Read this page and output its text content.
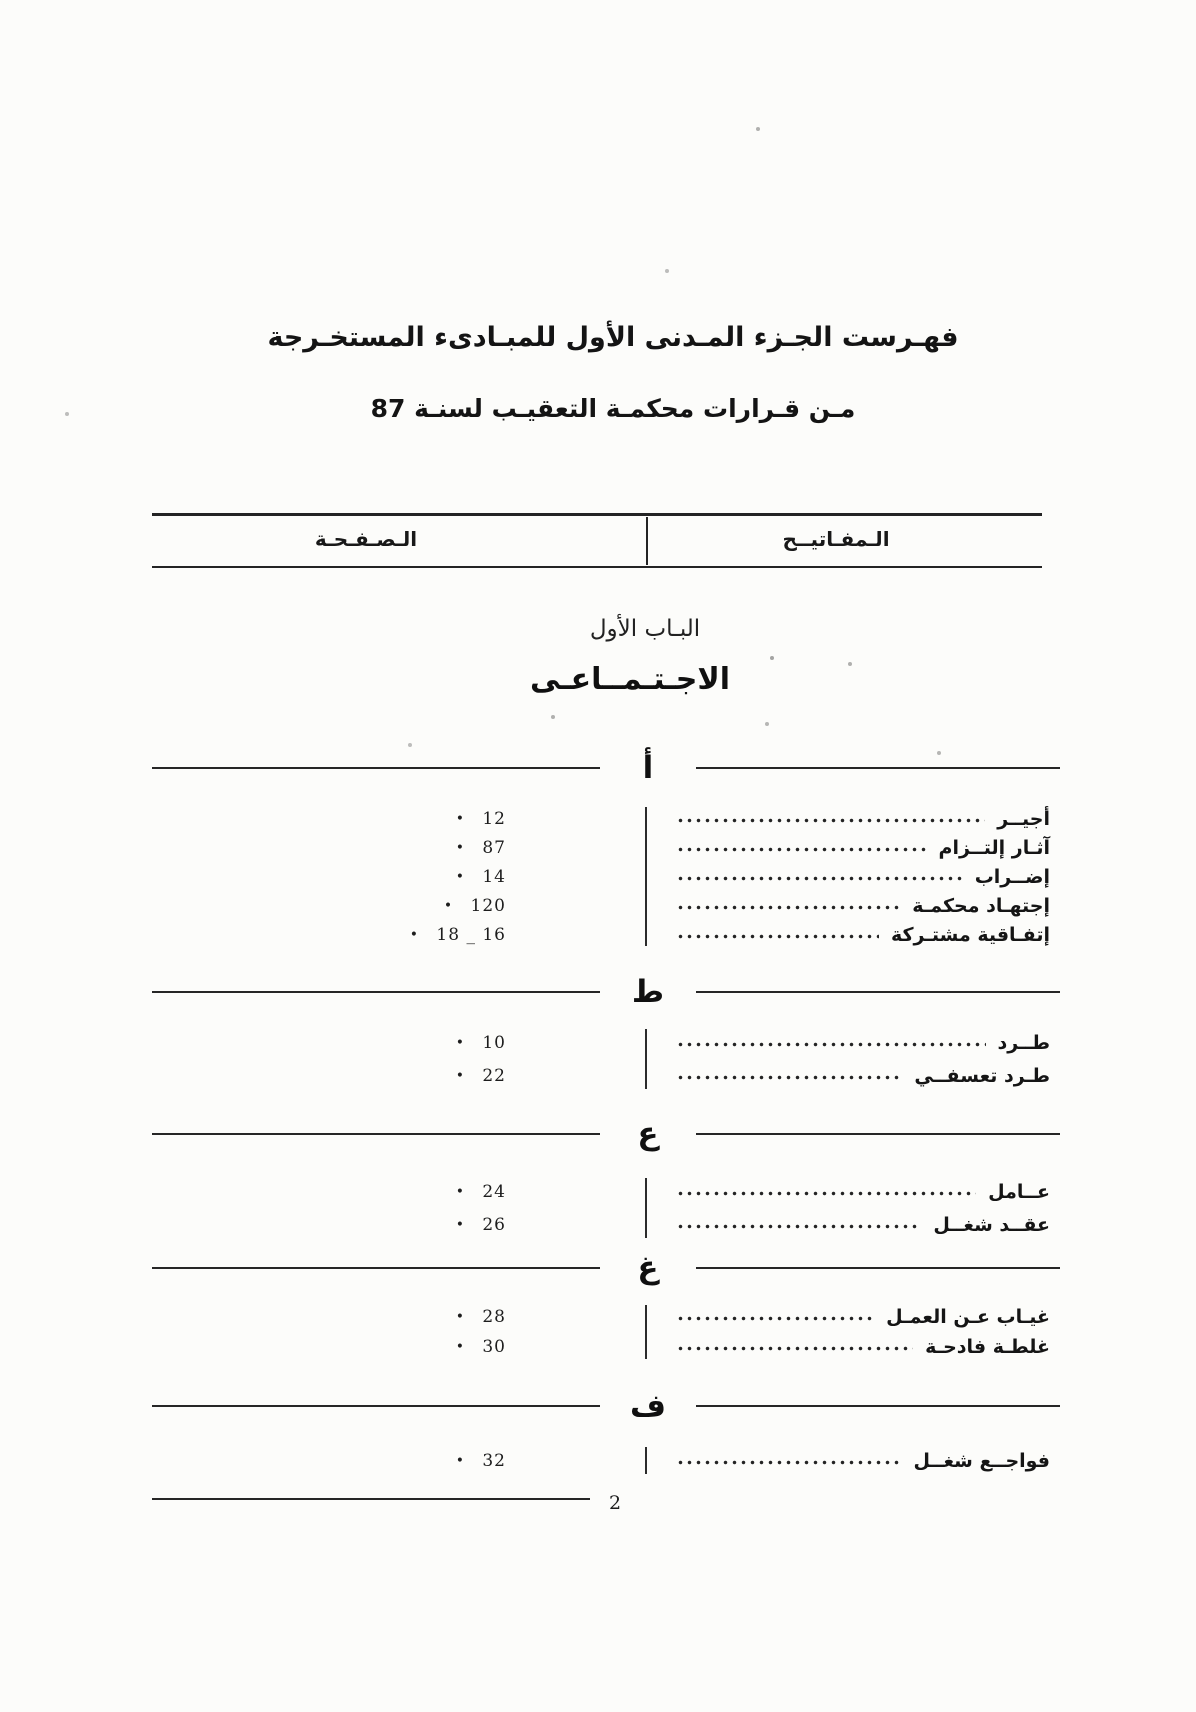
فهـرست الجـزء المـدنى الأول للمبـادىء المستخـرجة
مـن قـرارات محكمـة التعقيـب لسنـة 87
الـصـفـحـة	الـمفـاتيــح
البـاب الأول
الاجـتـمــاعـى
أ
• 12	أجيــر
• 87	آثـار إلتــزام
• 14	إضــراب
• 120	إجتهـاد محكمـة
• 18 _ 16	إتفـاقية مشتـركة
ط
• 10	طــرد
• 22	طـرد تعسفــي
ع
• 24	عــامل
• 26	عقــد شغــل
غ
• 28	غيـاب عـن العمـل
• 30	غلطـة فادحـة
ف
• 32	فواجــع شغــل
2
